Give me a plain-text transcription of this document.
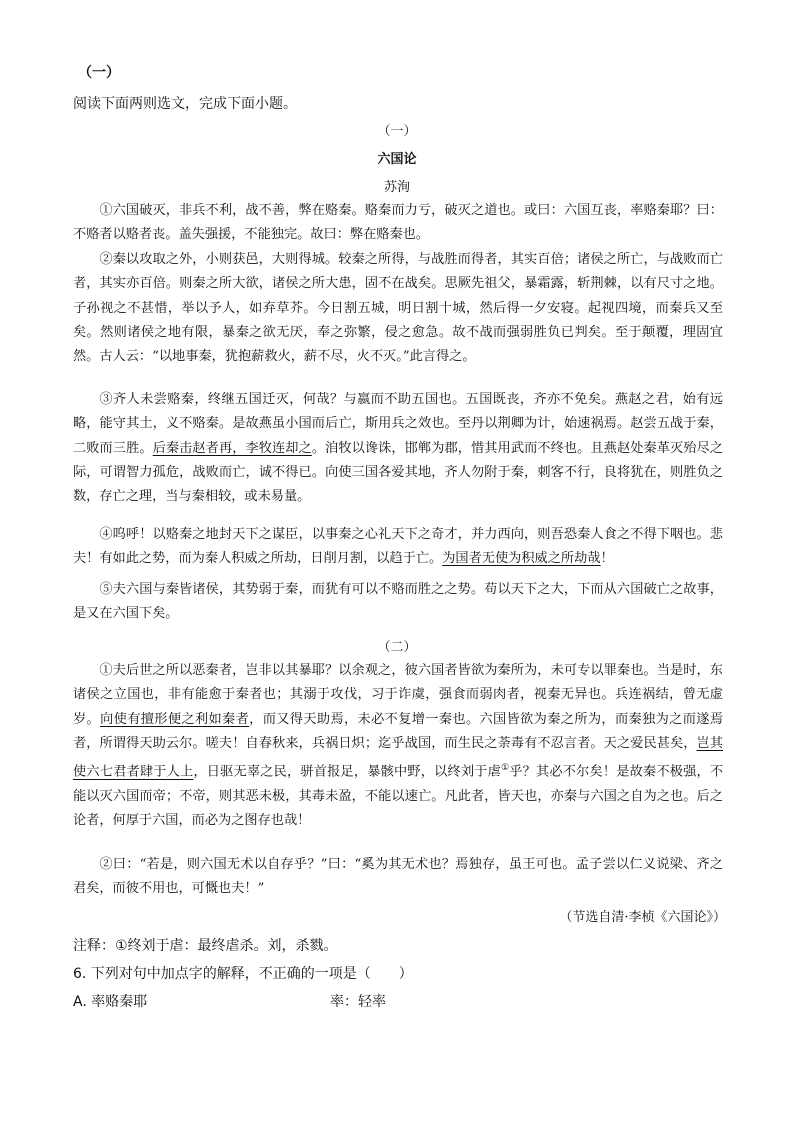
（一）
阅读下面两则选文，完成下面小题。
（一）
六国论
苏洵

①六国破灭，非兵不利，战不善，弊在赂秦。赂秦而力亏，破灭之道也。或曰：六国互丧，率赂秦耶？曰：不赂者以赂者丧。盖失强援，不能独完。故曰：弊在赂秦也。

②秦以攻取之外，小则获邑，大则得城。较秦之所得，与战胜而得者，其实百倍；诸侯之所亡，与战败而亡者，其实亦百倍。则秦之所大欲，诸侯之所大患，固不在战矣。思厥先祖父，暴霜露，斩荆棘，以有尺寸之地。子孙视之不甚惜，举以予人，如弃草芥。今日割五城，明日割十城，然后得一夕安寝。起视四境，而秦兵又至矣。然则诸侯之地有限，暴秦之欲无厌，奉之弥繁，侵之愈急。故不战而强弱胜负已判矣。至于颠覆，理固宜然。古人云：“以地事秦，犹抱薪救火，薪不尽，火不灭。”此言得之。

③齐人未尝赂秦，终继五国迁灭，何哉？与嬴而不助五国也。五国既丧，齐亦不免矣。燕赵之君，始有远略，能守其土，义不赂秦。是故燕虽小国而后亡，斯用兵之效也。至丹以荆卿为计，始速祸焉。赵尝五战于秦，二败而三胜。后秦击赵者再，李牧连却之。洎牧以谗诛，邯郸为郡，惜其用武而不终也。且燕赵处秦革灭殆尽之际，可谓智力孤危，战败而亡，诚不得已。向使三国各爱其地，齐人勿附于秦，刺客不行，良将犹在，则胜负之数，存亡之理，当与秦相较，或未易量。

④呜呼！以赂秦之地封天下之谋臣，以事秦之心礼天下之奇才，并力西向，则吾恐秦人食之不得下咽也。悲夫！有如此之势，而为秦人积威之所劫，日削月割，以趋于亡。为国者无使为积威之所劫哉！

⑤夫六国与秦皆诸侯，其势弱于秦，而犹有可以不赂而胜之之势。苟以天下之大，下而从六国破亡之故事，是又在六国下矣。

（二）

①夫后世之所以恶秦者，岂非以其暴耶？以余观之，彼六国者皆欲为秦所为，未可专以罪秦也。当是时，东诸侯之立国也，非有能愈于秦者也；其溺于攻伐，习于诈虞，强食而弱肉者，视秦无异也。兵连祸结，曾无虚岁。向使有擅形便之利如秦者，而又得天助焉，未必不复增一秦也。六国皆欲为秦之所为，而秦独为之而遂焉者，所谓得天助云尔。嗟夫！自春秋来，兵祸日炽；迄乎战国，而生民之荼毒有不忍言者。天之爱民甚矣，岂其使六七君者肆于人上，日驱无辜之民，骈首报足，暴骸中野，以终刘于虐①乎？其必不尔矣！是故秦不极强，不能以灭六国而帝；不帝，则其恶未极，其毒未盈，不能以速亡。凡此者，皆天也，亦秦与六国之自为之也。后之论者，何厚于六国，而必为之图存也哉！

②曰：“若是，则六国无术以自存乎？”曰：“奚为其无术也？焉独存，虽王可也。孟子尝以仁义说梁、齐之君矣，而彼不用也，可慨也夫！”

（节选自清·李桢《六国论》）
注释：①终刘于虐：最终虐杀。刘，杀戮。
6. 下列对句中加点字的解释，不正确的一项是（　　）
A. 率赂秦耶	率：轻率
